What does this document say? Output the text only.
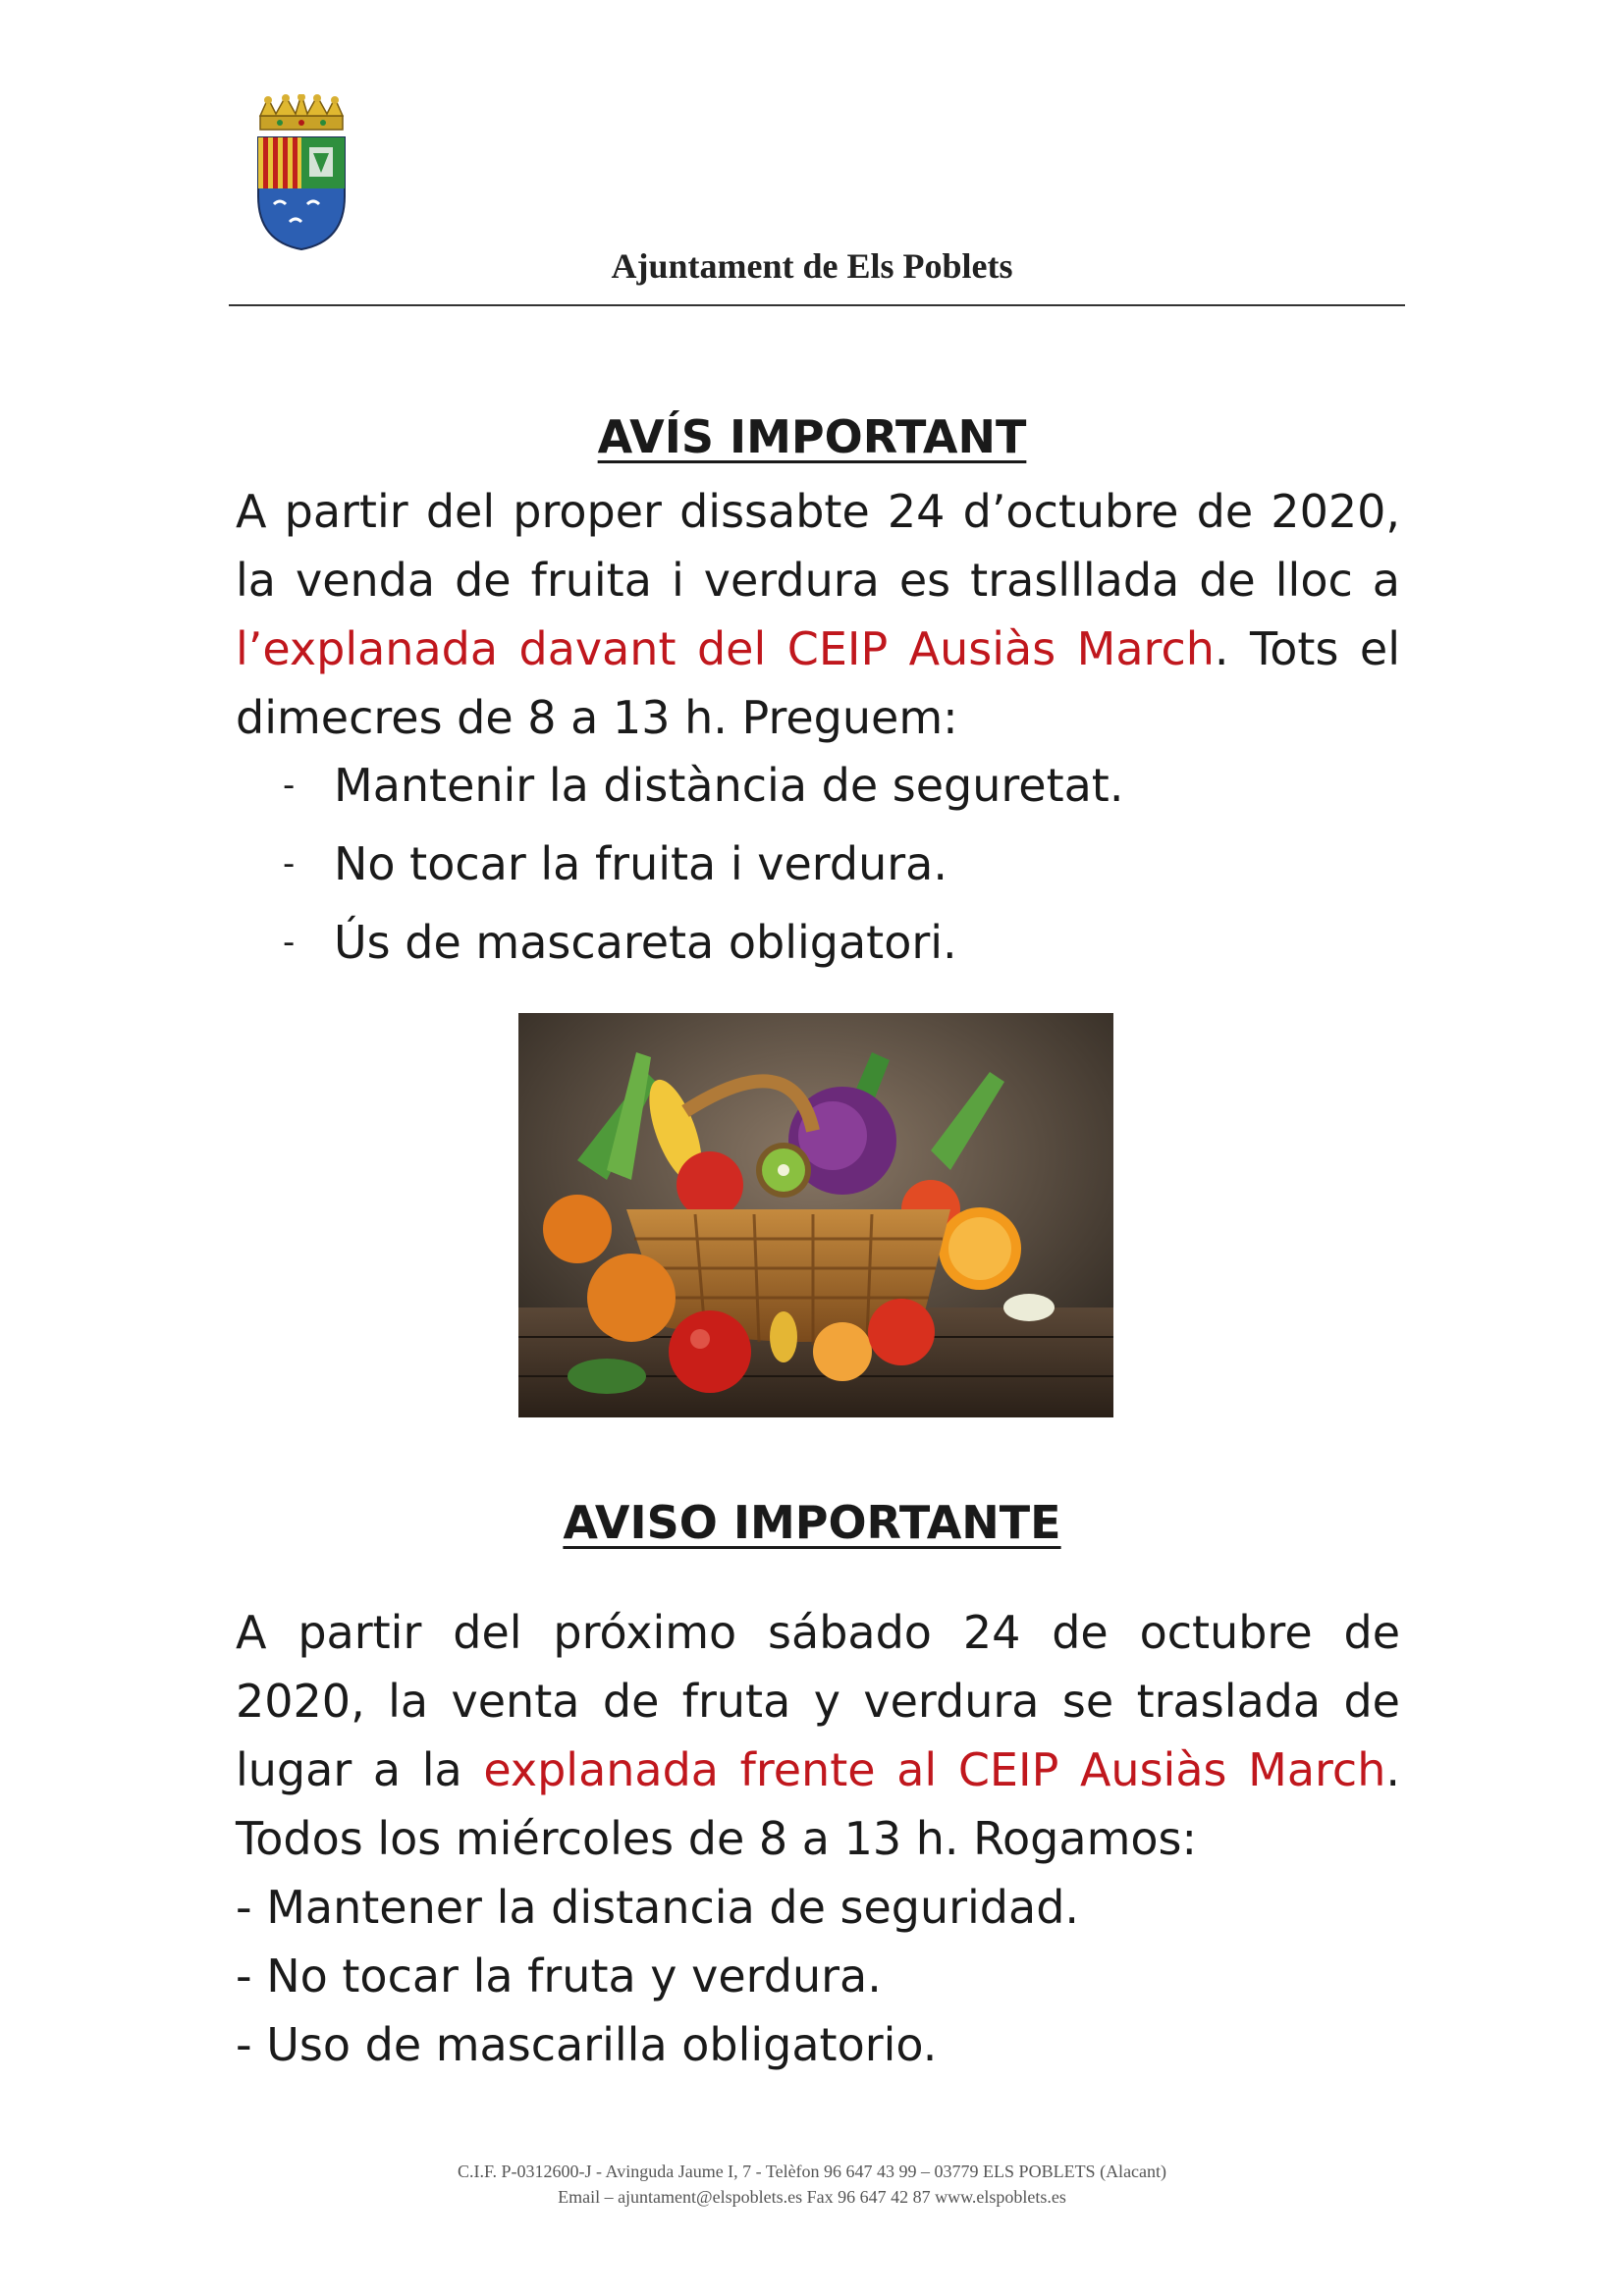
Ajuntament de Els Poblets
AVÍS IMPORTANT

A partir del proper dissabte 24 d’octubre de 2020, la venda de fruita i verdura es traslllada de lloc a l’explanada davant del CEIP Ausiàs March. Tots el dimecres de 8 a 13 h. Preguem:

- Mantenir la distància de seguretat.
- No tocar la fruita i verdura.
- Ús de mascareta obligatori.
AVISO IMPORTANTE

A partir del próximo sábado 24 de octubre de 2020, la venta de fruta y verdura se traslada de lugar a la explanada frente al CEIP Ausiàs March. Todos los miércoles de 8 a 13 h. Rogamos:

- Mantener la distancia de seguridad.
- No tocar la fruta y verdura.
- Uso de mascarilla obligatorio.
C.I.F. P-0312600-J - Avinguda Jaume I, 7 - Telèfon 96 647 43 99 – 03779 ELS POBLETS (Alacant)
Email – ajuntament@elspoblets.es Fax 96 647 42 87 www.elspoblets.es
